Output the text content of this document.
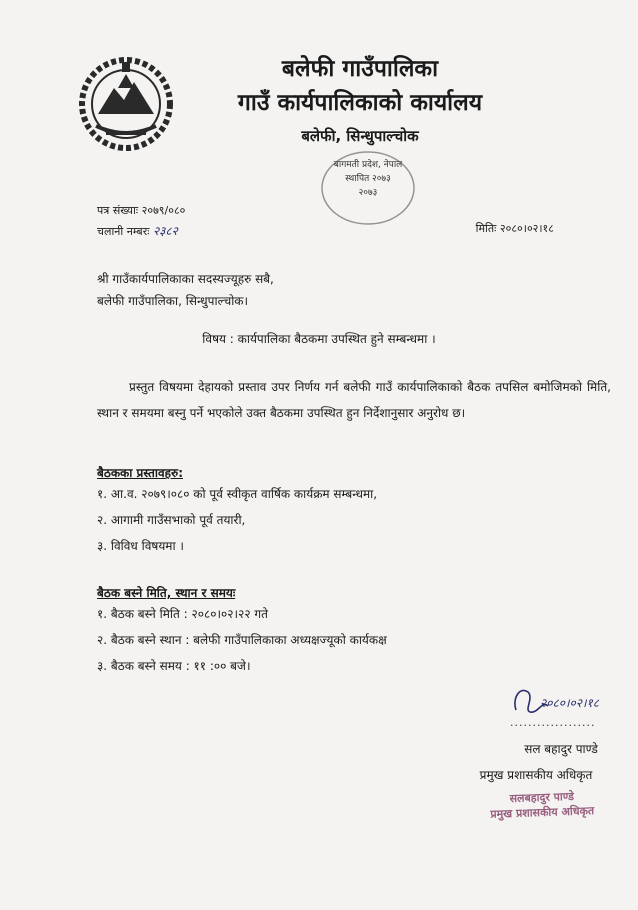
बलेफी गाउँपालिका
गाउँ कार्यपालिकाको कार्यालय
बलेफी, सिन्धुपाल्चोक
बागमती प्रदेश, नेपाल
स्थापित २०७३
२०७३
पत्र संख्याः २०७९/०८०
चलानी नम्बरः २३८२	मितिः २०८०।०२।१८
श्री गाउँकार्यपालिकाका सदस्यज्यूहरु सबै,
बलेफी गाउँपालिका, सिन्धुपाल्चोक।
विषय : कार्यपालिका बैठकमा उपस्थित हुने सम्बन्धमा ।
प्रस्तुत विषयमा देहायको प्रस्ताव उपर निर्णय गर्न बलेफी गाउँ कार्यपालिकाको बैठक तपसिल बमोजिमको मिति, स्थान र समयमा बस्नु पर्ने भएकोले उक्त बैठकमा उपस्थित हुन निर्देशानुसार अनुरोध छ।
बैठकका प्रस्तावहरु:
१. आ.व. २०७९।०८० को पूर्व स्वीकृत वार्षिक कार्यक्रम सम्बन्धमा,
२. आगामी गाउँसभाको पूर्व तयारी,
३. विविध विषयमा ।
बैठक बस्ने मिति, स्थान र समयः
१. बैठक बस्ने मिति : २०८०।०२।२२ गते
२. बैठक बस्ने स्थान : बलेफी गाउँपालिकाका अध्यक्षज्यूको कार्यकक्ष
३. बैठक बस्ने समय : ११ :०० बजे।
२०८०।०२।१८
...................
सल बहादुर पाण्डे
प्रमुख प्रशासकीय अधिकृत
सलबहादुर पाण्डे
प्रमुख प्रशासकीय अधिकृत
